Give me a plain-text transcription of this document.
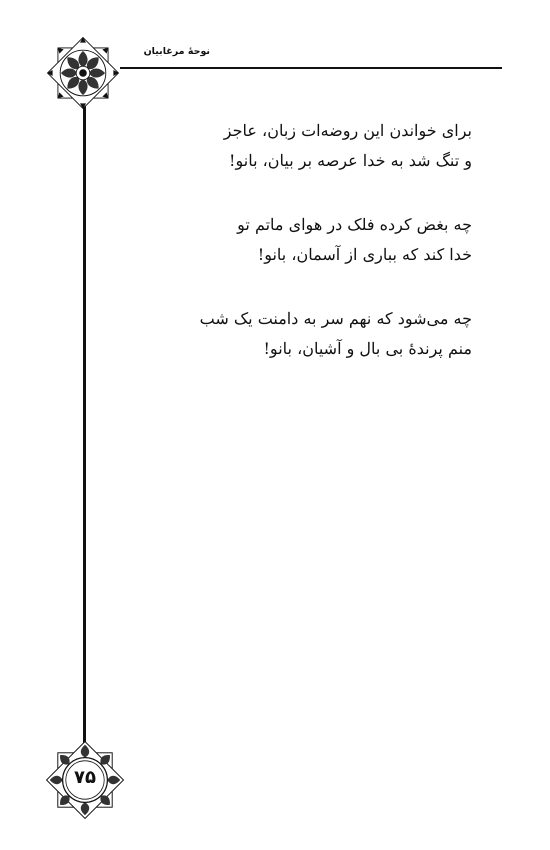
نوحهٔ مرغابیان
۷۵
برای خواندن این روضه‌ات زبان، عاجز
و تنگ شد به خدا عرصه بر بیان، بانو!
چه بغض کرده فلک در هوای ماتم تو
خدا کند که بباری از آسمان، بانو!
چه می‌شود که نهم سر به دامنت یک شب
منم پرندهٔ بی بال و آشیان، بانو!
